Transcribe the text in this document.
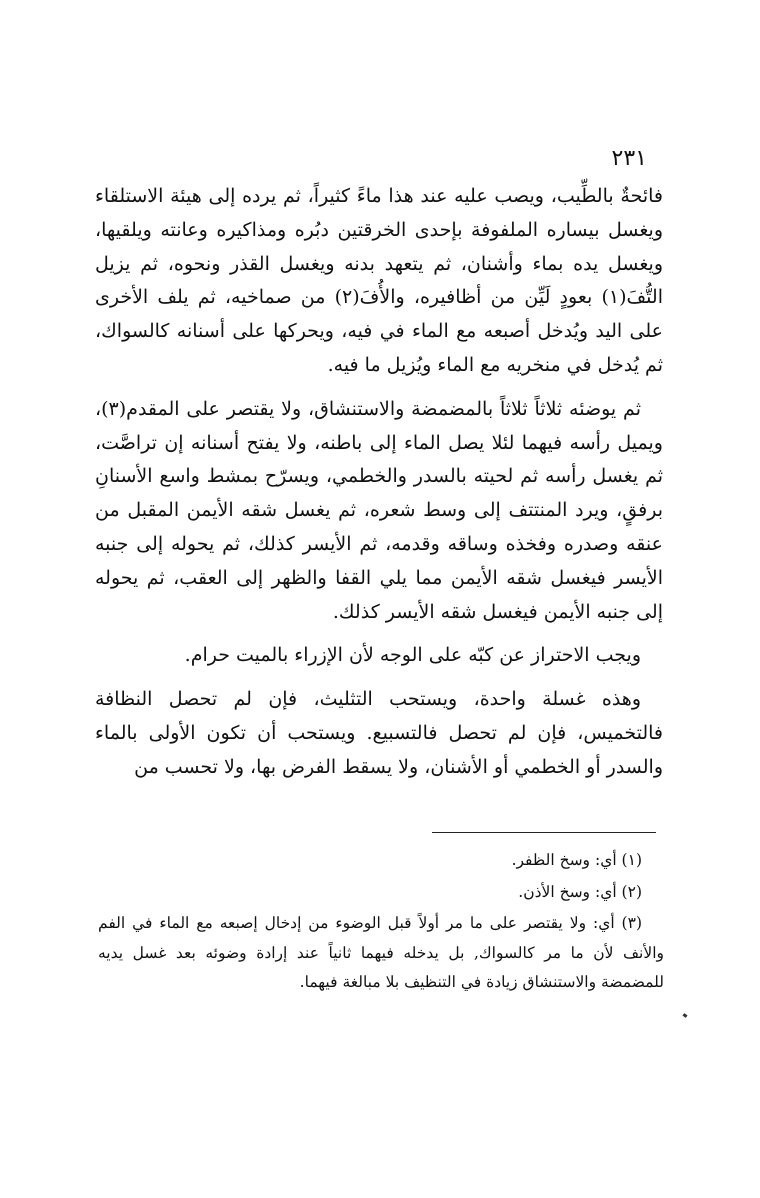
٢٣١

فائحةٌ بالطِّيب، ويصب عليه عند هذا ماءً كثيراً، ثم يرده إلى هيئة الاستلقاء ويغسل بيساره الملفوفة بإحدى الخرقتين دبُره ومذاكيره وعانته ويلقيها، ويغسل يده بماء وأشنان، ثم يتعهد بدنه ويغسل القذر ونحوه، ثم يزيل التُّفَ(١) بعودٍ لَيِّن من أظافيره، والأُفَ(٢) من صماخيه، ثم يلف الأخرى على اليد ويُدخل أصبعه مع الماء في فيه، ويحركها على أسنانه كالسواك، ثم يُدخل في منخريه مع الماء ويُزيل ما فيه.

ثم يوضئه ثلاثاً ثلاثاً بالمضمضة والاستنشاق، ولا يقتصر على المقدم(٣)، ويميل رأسه فيهما لئلا يصل الماء إلى باطنه، ولا يفتح أسنانه إن تراصَّت، ثم يغسل رأسه ثم لحيته بالسدر والخطمي، ويسرّح بمشط واسع الأسنانِ برفقٍ، ويرد المنتتف إلى وسط شعره، ثم يغسل شقه الأيمن المقبل من عنقه وصدره وفخذه وساقه وقدمه، ثم الأيسر كذلك، ثم يحوله إلى جنبه الأيسر فيغسل شقه الأيمن مما يلي القفا والظهر إلى العقب، ثم يحوله إلى جنبه الأيمن فيغسل شقه الأيسر كذلك.

ويجب الاحتراز عن كبّه على الوجه لأن الإزراء بالميت حرام.

وهذه غسلة واحدة، ويستحب التثليث، فإن لم تحصل النظافة فالتخميس، فإن لم تحصل فالتسبيع. ويستحب أن تكون الأولى بالماء والسدر أو الخطمي أو الأشنان، ولا يسقط الفرض بها، ولا تحسب من

(١) أي: وسخ الظفر.

(٢) أي: وسخ الأذن.

(٣) أي: ولا يقتصر على ما مر أولاً قبل الوضوء من إدخال إصبعه مع الماء في الفم والأنف لأن ما مر كالسواك, بل يدخله فيهما ثانياً عند إرادة وضوئه بعد غسل يديه للمضمضة والاستنشاق زيادة في التنظيف بلا مبالغة فيهما.
